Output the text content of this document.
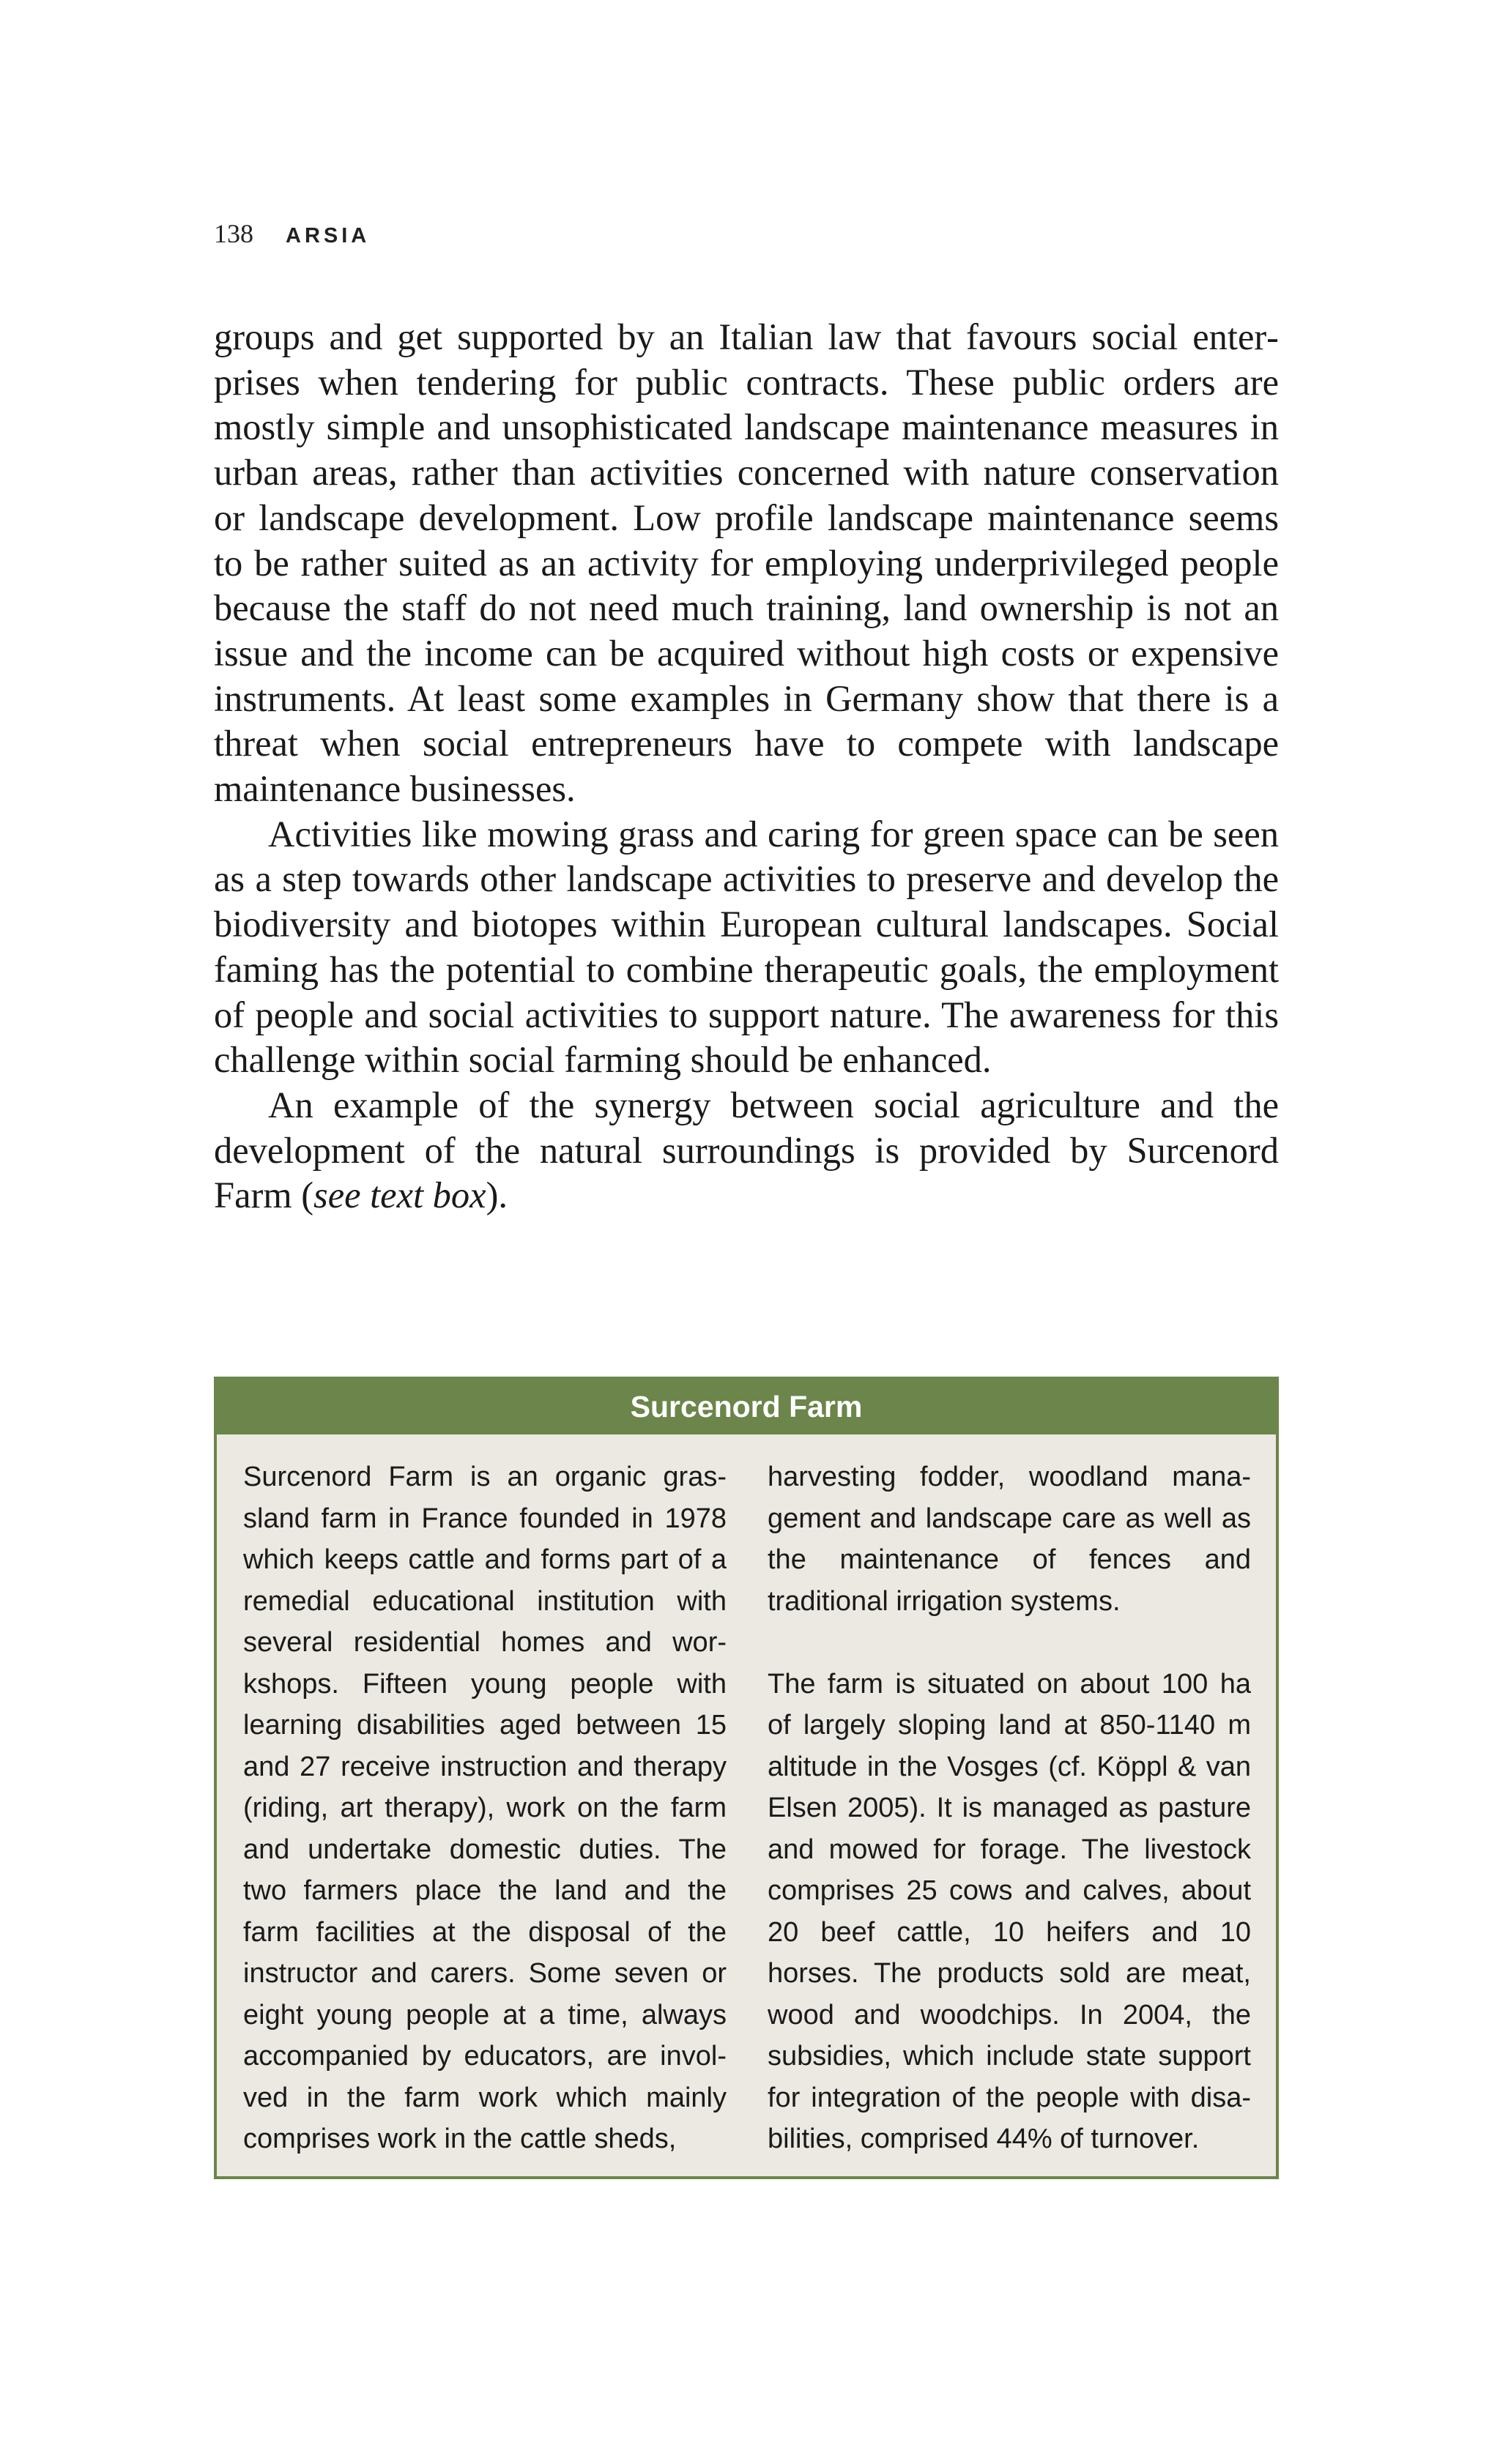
138 ARSIA

groups and get supported by an Italian law that favours social enterprises when tendering for public contracts. These public orders are mostly simple and unsophisticated landscape maintenance measures in urban areas, rather than activities concerned with nature conservation or landscape development. Low profile landscape maintenance seems to be rather suited as an activity for employing underprivileged people because the staff do not need much training, land ownership is not an issue and the income can be acquired without high costs or expensive instruments. At least some examples in Germany show that there is a threat when social entrepreneurs have to compete with landscape maintenance businesses.

Activities like mowing grass and caring for green space can be seen as a step towards other landscape activities to preserve and develop the biodiversity and biotopes within European cultural landscapes. Social faming has the potential to combine therapeutic goals, the employment of people and social activities to support nature. The awareness for this challenge within social farming should be enhanced.

An example of the synergy between social agriculture and the development of the natural surroundings is provided by Surcenord Farm (see text box).

Surcenord Farm

Surcenord Farm is an organic grassland farm in France founded in 1978 which keeps cattle and forms part of a remedial educational institution with several residential homes and workshops. Fifteen young people with learning disabilities aged between 15 and 27 receive instruction and therapy (riding, art therapy), work on the farm and undertake domestic duties. The two farmers place the land and the farm facilities at the disposal of the instructor and carers. Some seven or eight young people at a time, always accompanied by educators, are involved in the farm work which mainly comprises work in the cattle sheds,

harvesting fodder, woodland management and landscape care as well as the maintenance of fences and traditional irrigation systems.

The farm is situated on about 100 ha of largely sloping land at 850-1140 m altitude in the Vosges (cf. Köppl & van Elsen 2005). It is managed as pasture and mowed for forage. The livestock comprises 25 cows and calves, about 20 beef cattle, 10 heifers and 10 horses. The products sold are meat, wood and woodchips. In 2004, the subsidies, which include state support for integration of the people with disabilities, comprised 44% of turnover.
